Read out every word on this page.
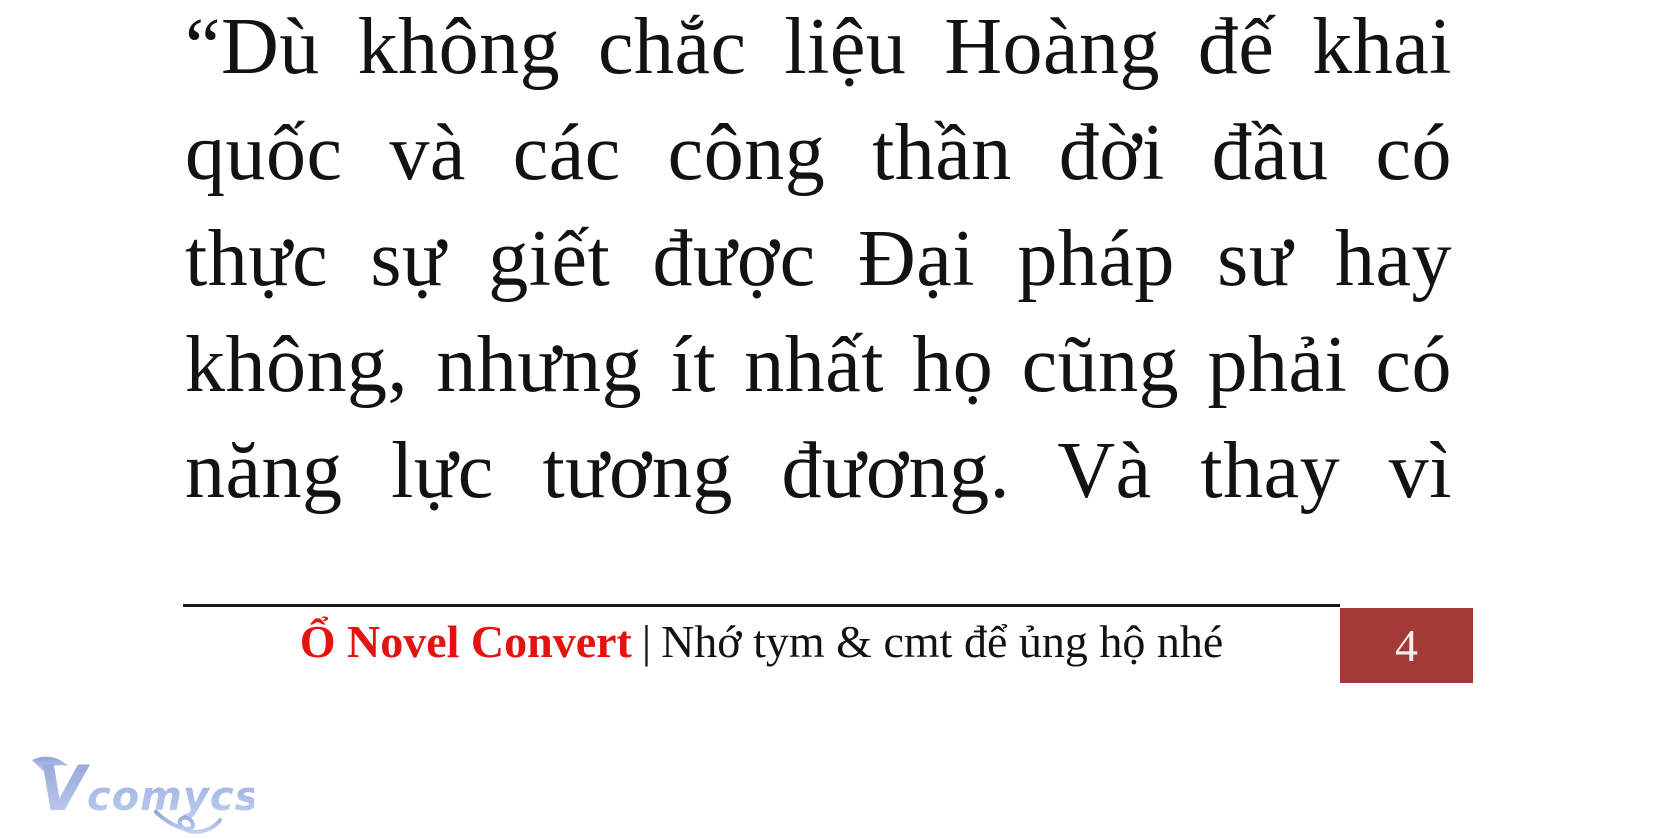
“Dù không chắc liệu Hoàng đế khai
quốc và các công thần đời đầu có
thực sự giết được Đại pháp sư hay
không, nhưng ít nhất họ cũng phải có
năng lực tương đương. Và thay vì
Ổ Novel Convert | Nhớ tym & cmt để ủng hộ nhé	4
Vcomycs
